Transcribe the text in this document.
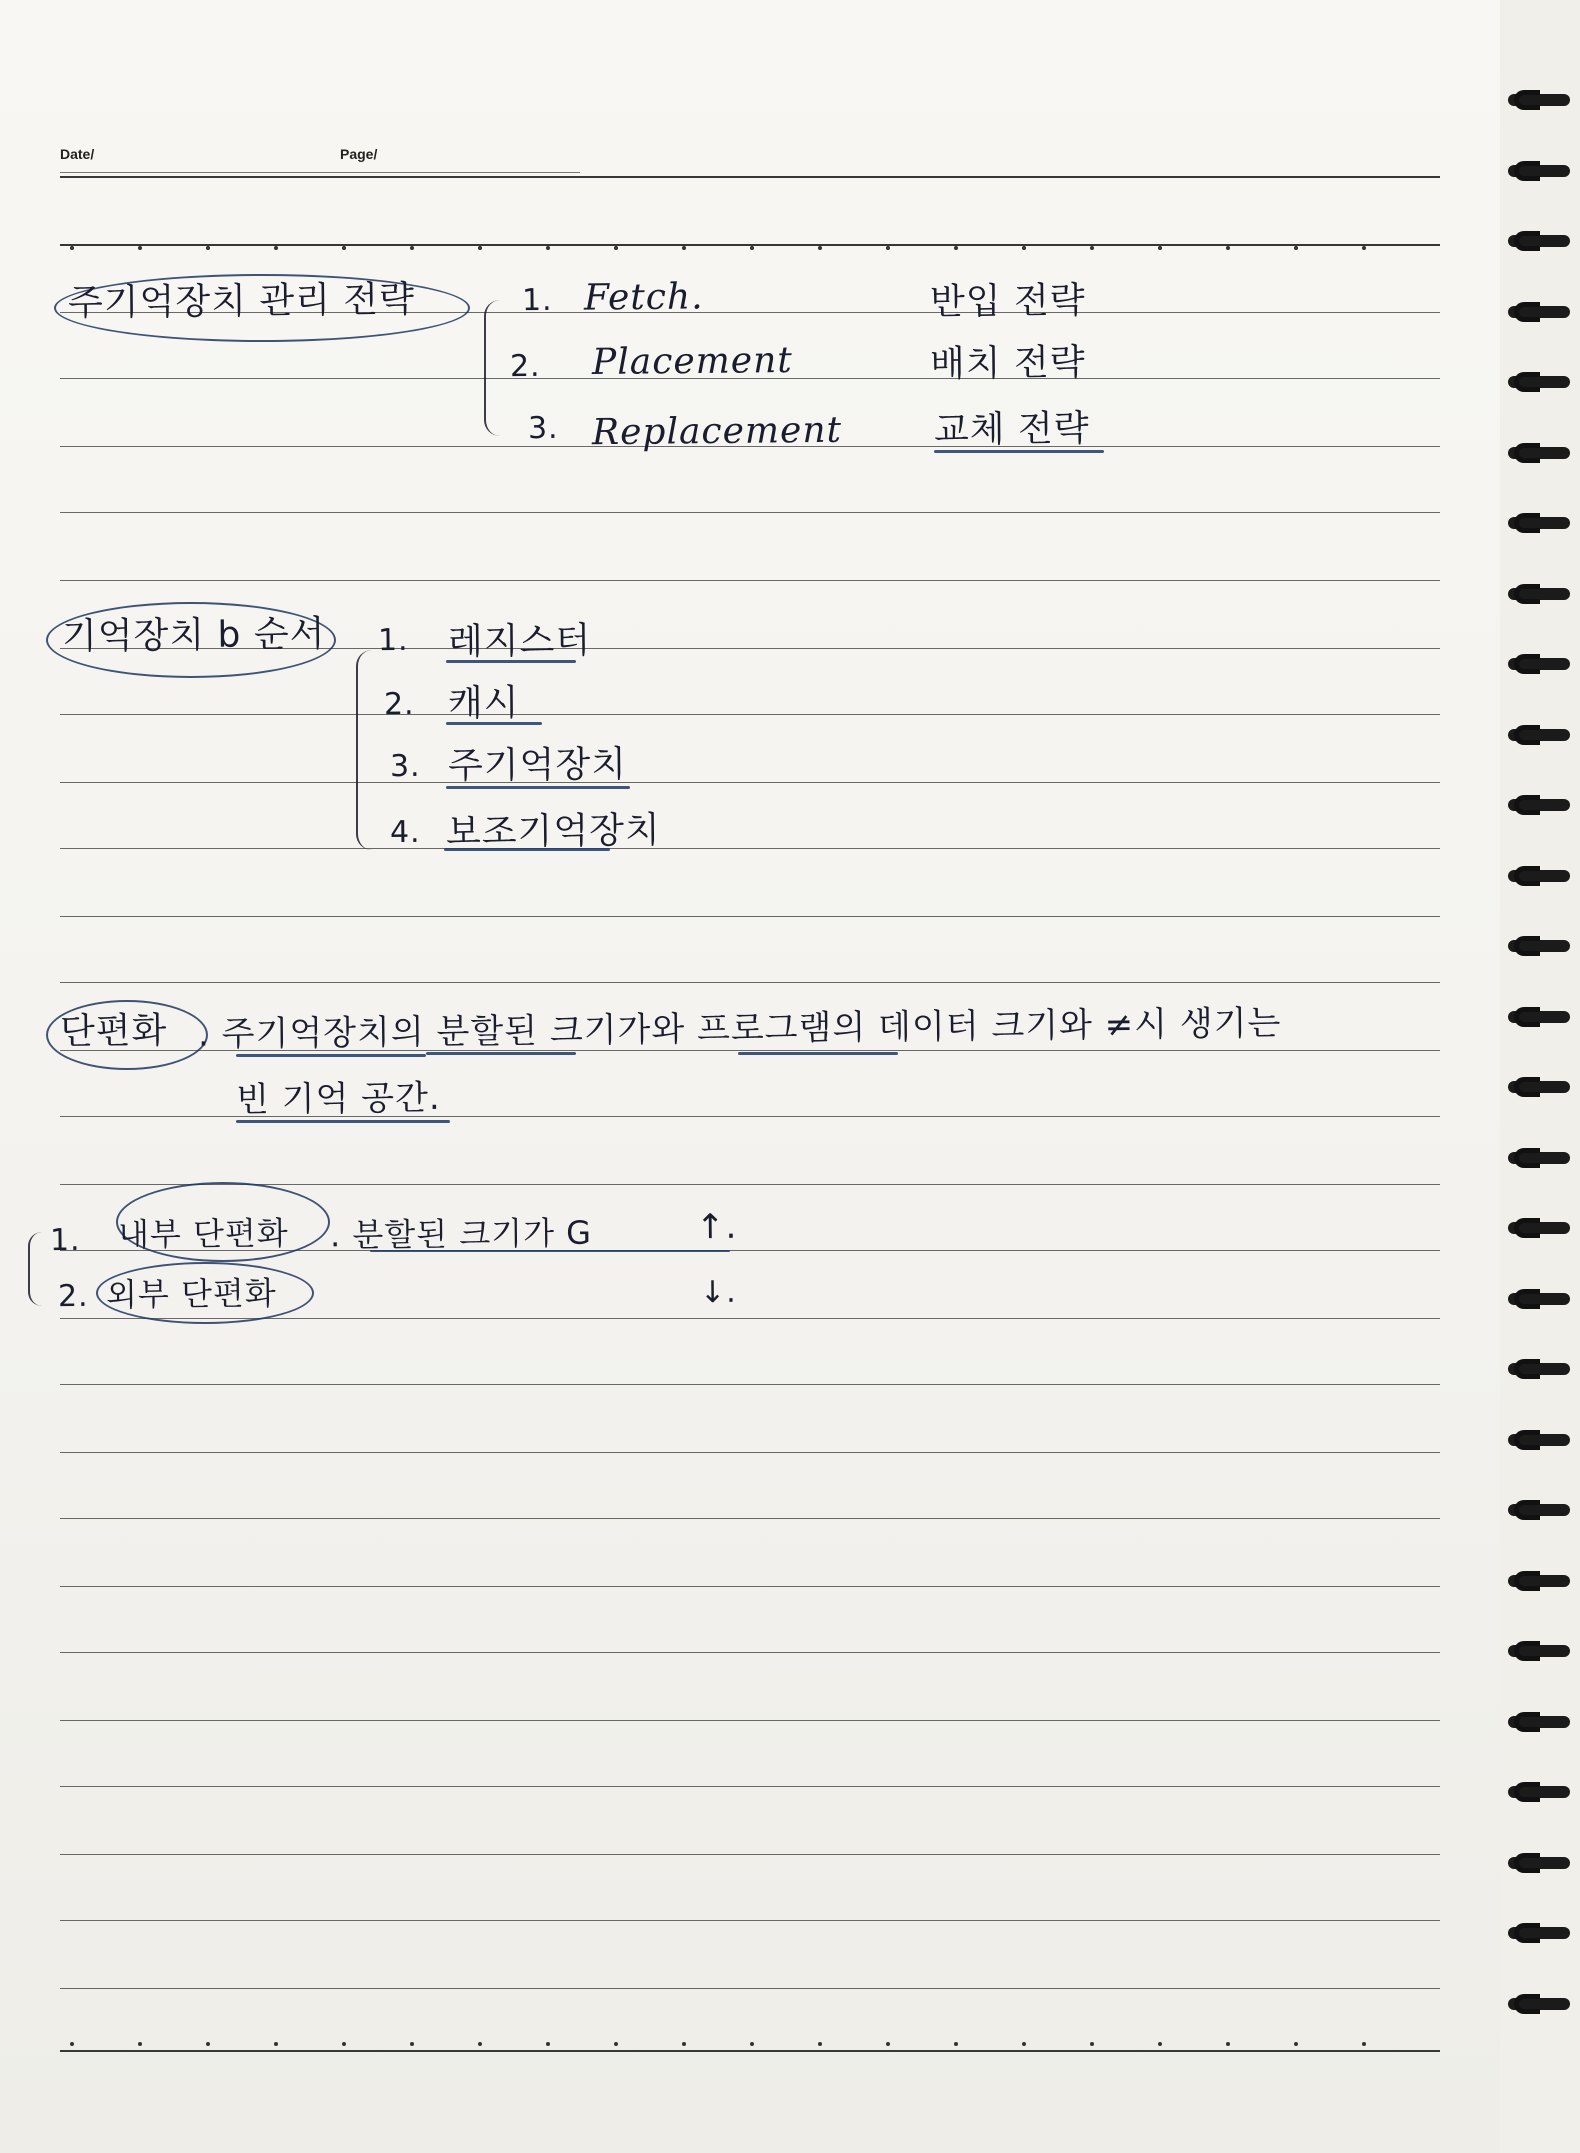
Date/	Page/
주기억장치 관리 전략	1. Fetch.	반입 전략
2. Placement	배치 전략
3. Replacement	교체 전략
기억장치 b 순서 1. 레지스터
2. 캐시
3. 주기억장치
4. 보조기억장치
단편화 . 주기억장치의 분할된 크기가와 프로그램의 데이터 크기와 ≠시 생기는
빈 기억 공간.
1. 내부 단편화 . 분할된 크기가 G	↑.
2. 외부 단편화	↓.
